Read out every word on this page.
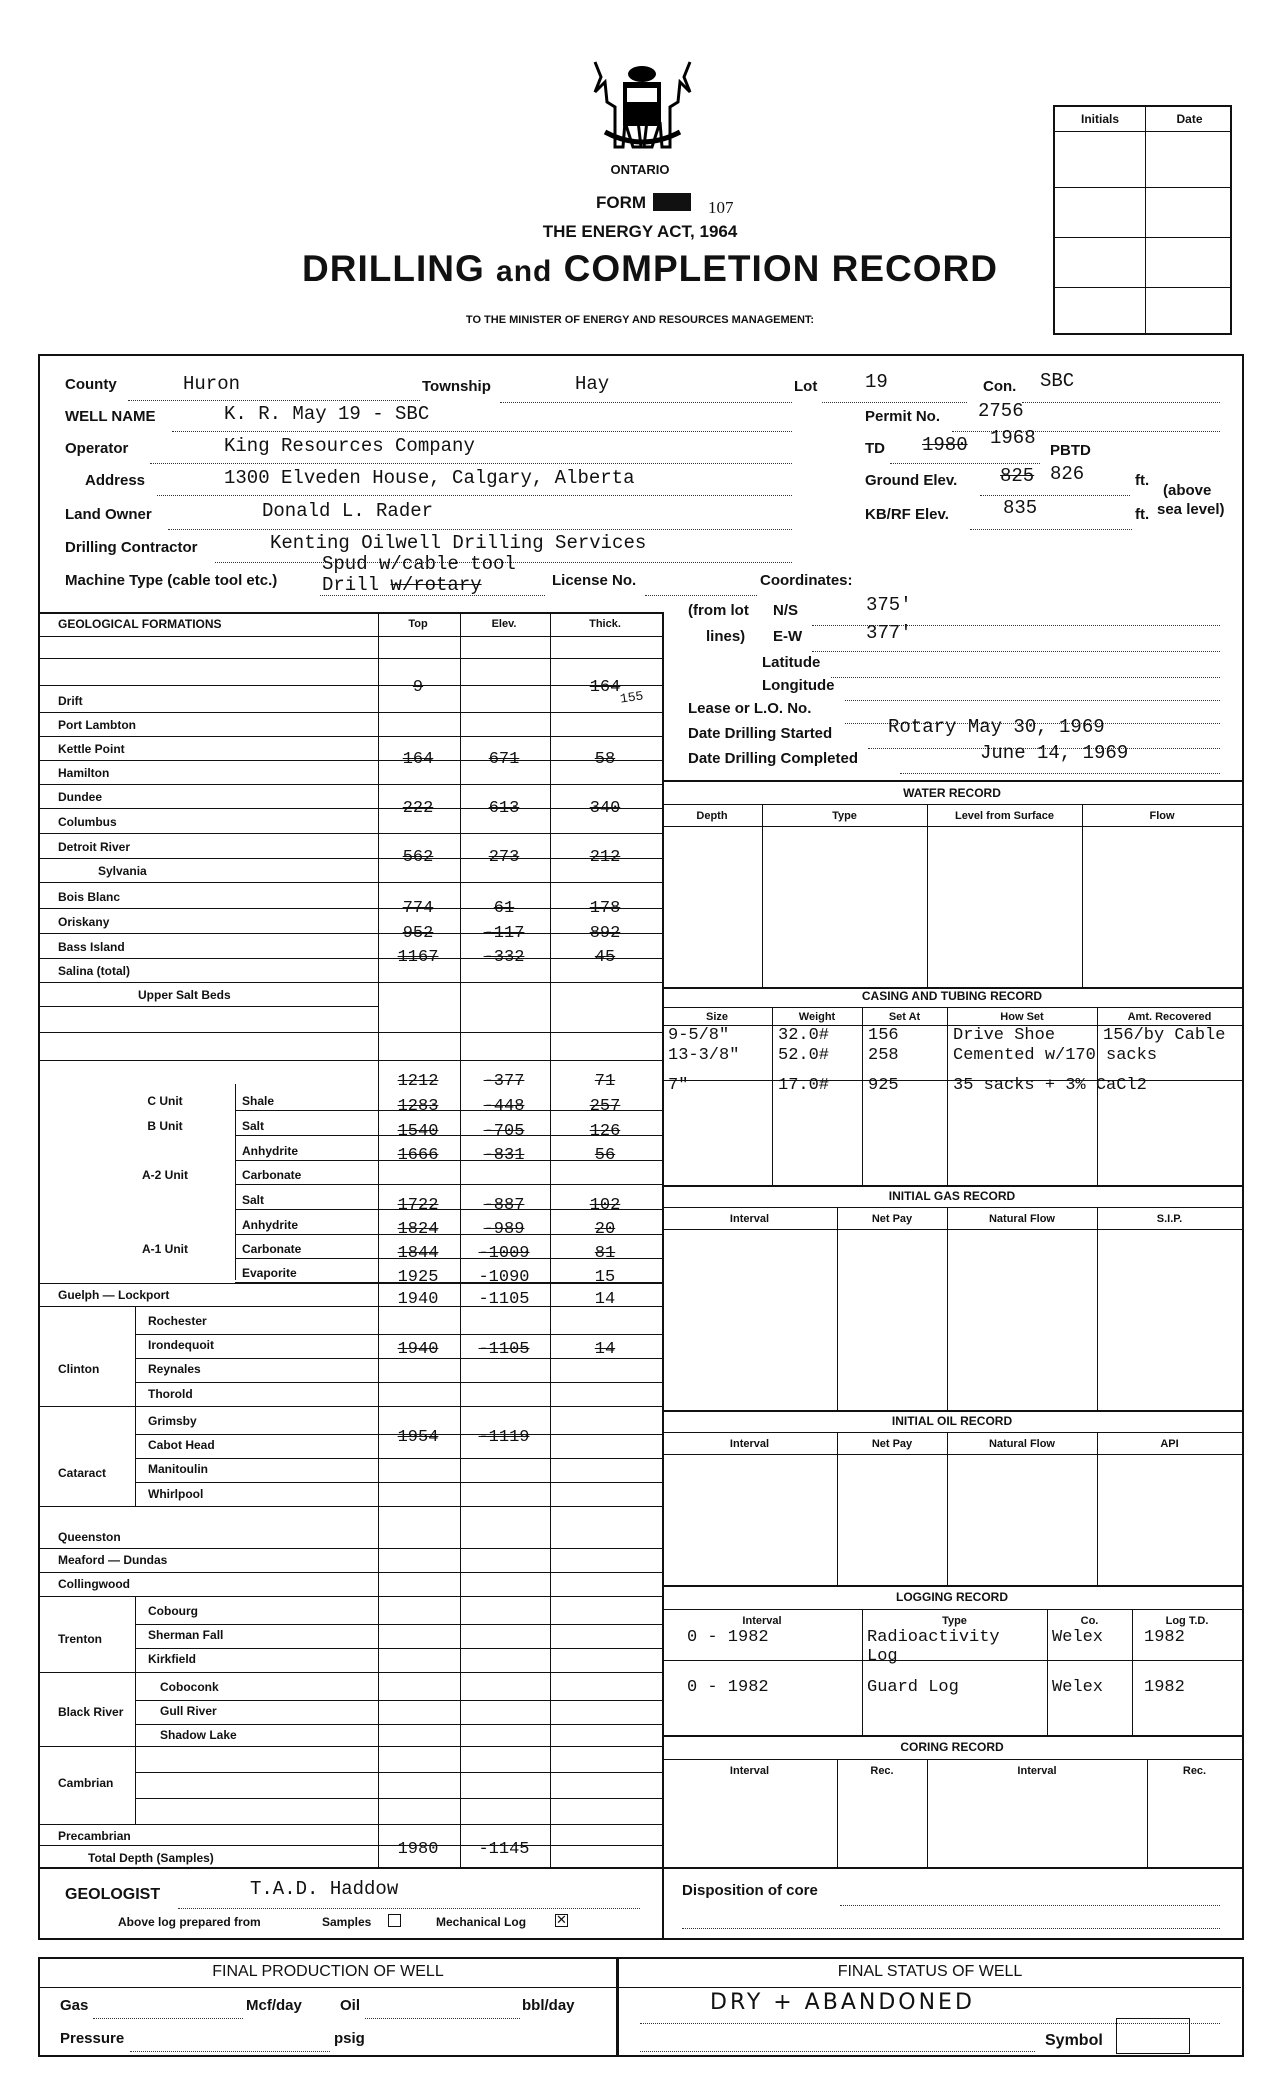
ONTARIO
FORM	107
THE ENERGY ACT, 1964
DRILLING and COMPLETION RECORD
TO THE MINISTER OF ENERGY AND RESOURCES MANAGEMENT:
Initials	Date
County	Huron	Township	Hay	Lot	19	Con. SBC
WELL NAME	K. R. May 19 - SBC	Permit No. 2756
Operator	King Resources Company	TD 1980 1968
PBTD
Address	1300 Elveden House, Calgary, Alberta	Ground Elev. 825 826	ft.
(above
Land Owner	Donald L. Rader	KB/RF Elev.	835	ft. sea level)
Drilling Contractor	Kenting Oilwell Drilling Services
Machine Type (cable tool etc.)
Spud w/cable tool
Drill w/rotary	License No.	Coordinates:
(from lot N/S	375'
lines) E-W	377'
Latitude
Longitude
Lease or L.O. No.
Date Drilling Started	Rotary May 30, 1969
Date Drilling Completed	June 14, 1969
GEOLOGICAL FORMATIONS	Top	Elev.	Thick.
Drift
9	164
Port Lambton
Kettle Point
Hamilton
164	671	58
Dundee
Columbus
222	613	340
Detroit River
Sylvania
562	273	212
Bois Blanc
Oriskany
774	61	178
Bass Island
952	-117	892
Salina (total)
1167	-332	45
Upper Salt Beds
C Unit	Shale
1212	-377	71
B Unit	Salt
1283	-448	257
Anhydrite
1540	-705	126
A-2 Unit	Carbonate
1666	-831	56
Salt
Anhydrite
1722	-887	102
A-1 Unit	Carbonate
1824	-989	20
Evaporite
1844	-1009	81
Guelph — Lockport
1925	-1090	15
Clinton
Rochester
Irondequoit
Reynales
Thorold
1940	-1105	14
1940	-1105	14
Cataract
Grimsby
Cabot Head
Manitoulin
Whirlpool
1954	-1119
Queenston
Meaford — Dundas
Collingwood
Trenton
Cobourg
Sherman Fall
Kirkfield
Black River
Coboconk
Gull River
Shadow Lake
Cambrian
Precambrian
Total Depth (Samples)	1980	-1145
155
WATER RECORD
Depth	Type	Level from Surface	Flow
CASING AND TUBING RECORD
Size	Weight	Set At	How Set	Amt. Recovered
9-5/8"	32.0# 156	Drive Shoe	156/by Cable
13-3/8" 52.0# 258	Cemented w/170 sacks
7"	17.0# 925	35 sacks + 3% CaCl2
INITIAL GAS RECORD
Interval	Net Pay	Natural Flow	S.I.P.
INITIAL OIL RECORD
Interval	Net Pay	Natural Flow	API
LOGGING RECORD
Interval	Type	Co.	Log T.D.
0 - 1982	Radioactivity Log
Welex 1982
0 - 1982	Guard Log	Welex 1982
CORING RECORD
Interval	Rec.	Interval	Rec.
GEOLOGIST	T.A.D. Haddow
Above log prepared from	Samples	Mechanical Log ✕
Disposition of core
FINAL PRODUCTION OF WELL
Gas	Mcf/day	Oil	bbl/day
Pressure	psig
FINAL STATUS OF WELL
DRY + ABANDONED
Symbol
